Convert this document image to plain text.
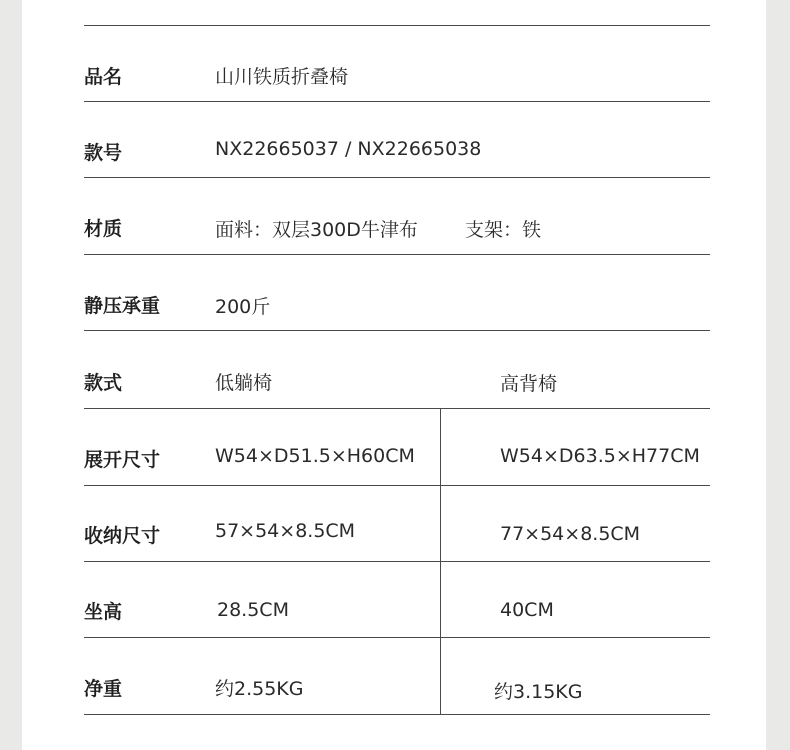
品名	山川铁质折叠椅
款号	NX22665037 / NX22665038
材质	面料：双层300D牛津布 支架：铁
静压承重	200斤
款式	低躺椅	高背椅
展开尺寸	W54×D51.5×H60CM	W54×D63.5×H77CM
收纳尺寸	57×54×8.5CM	77×54×8.5CM
坐高	28.5CM	40CM
净重	约2.55KG	约3.15KG
